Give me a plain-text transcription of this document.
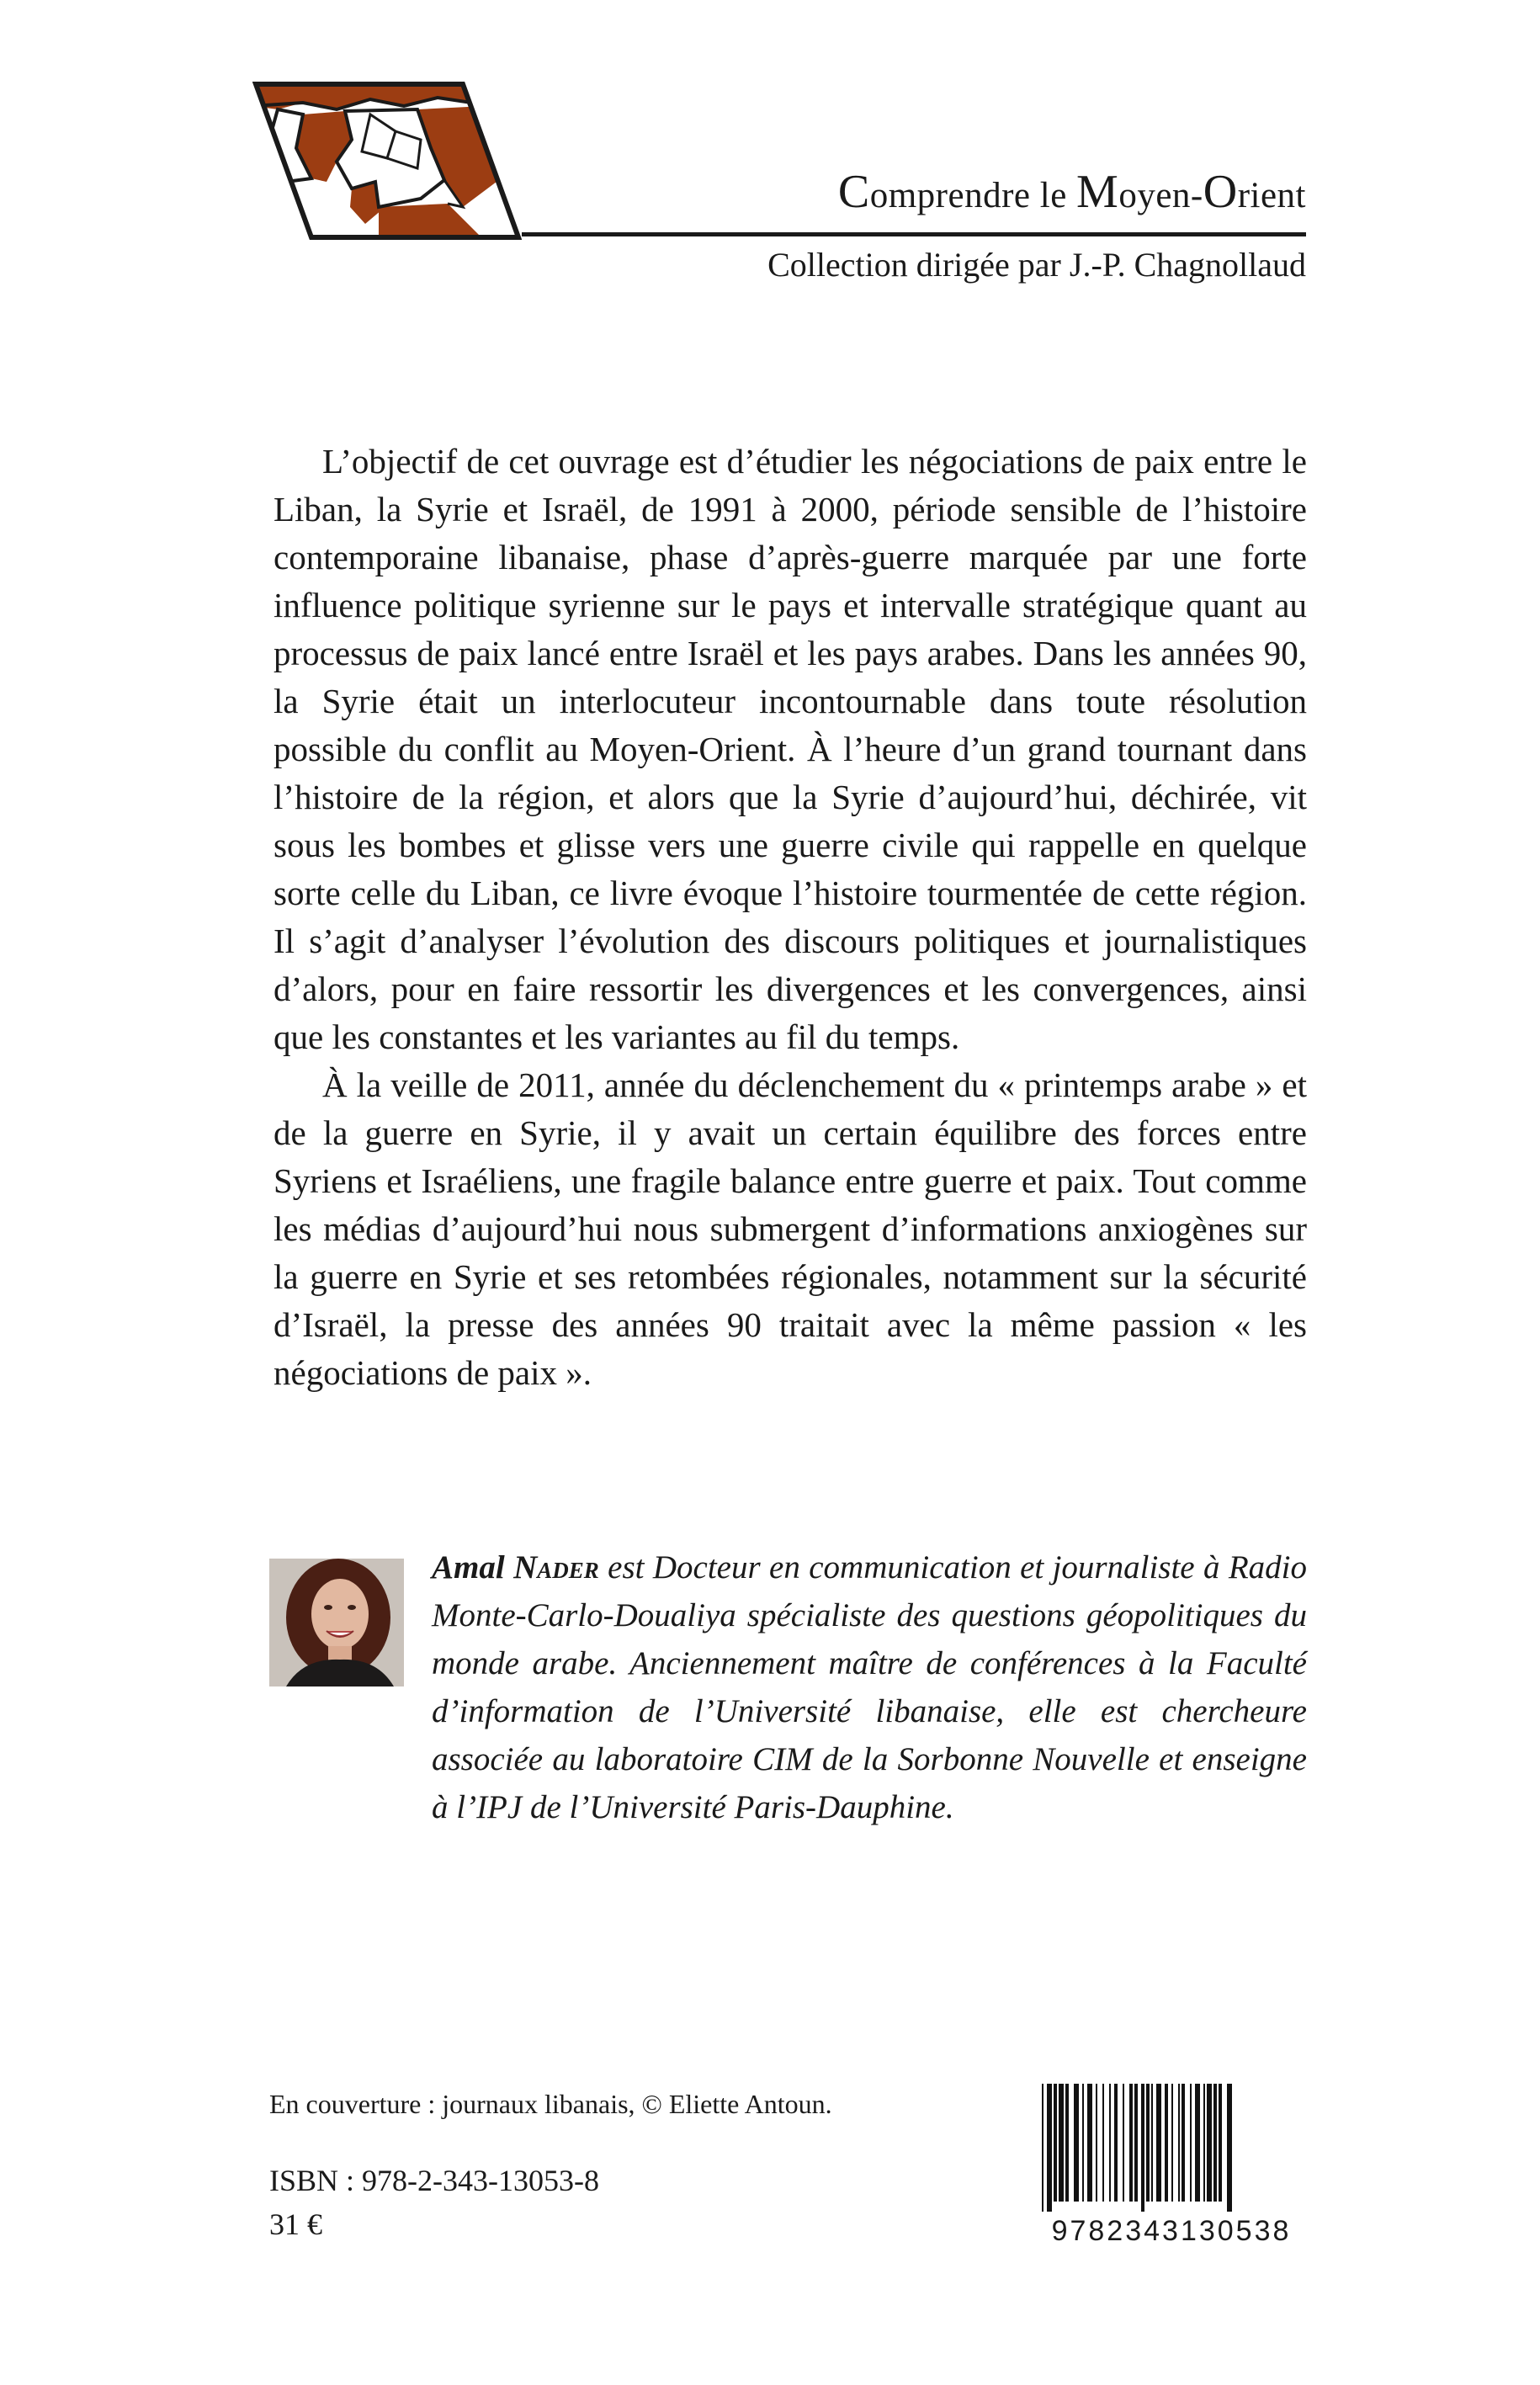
Comprendre le Moyen-Orient
Collection dirigée par J.-P. Chagnollaud

L’objectif de cet ouvrage est d’étudier les négociations de paix entre le Liban, la Syrie et Israël, de 1991 à 2000, période sensible de l’histoire contemporaine libanaise, phase d’après-guerre marquée par une forte influence politique syrienne sur le pays et intervalle stratégique quant au processus de paix lancé entre Israël et les pays arabes. Dans les années 90, la Syrie était un interlocuteur incontournable dans toute résolution possible du conflit au Moyen-Orient. À l’heure d’un grand tournant dans l’histoire de la région, et alors que la Syrie d’aujourd’hui, déchirée, vit sous les bombes et glisse vers une guerre civile qui rappelle en quelque sorte celle du Liban, ce livre évoque l’histoire tourmentée de cette région. Il s’agit d’analyser l’évolution des discours politiques et journalistiques d’alors, pour en faire ressortir les divergences et les convergences, ainsi que les constantes et les variantes au fil du temps.

À la veille de 2011, année du déclenchement du « printemps arabe » et de la guerre en Syrie, il y avait un certain équilibre des forces entre Syriens et Israéliens, une fragile balance entre guerre et paix. Tout comme les médias d’aujourd’hui nous submergent d’informations anxiogènes sur la guerre en Syrie et ses retombées régionales, notamment sur la sécurité d’Israël, la presse des années 90 traitait avec la même passion « les négociations de paix ».

Amal Nader est Docteur en communication et journaliste à Radio Monte-Carlo-Doualiya spécialiste des questions géopolitiques du monde arabe. Anciennement maître de conférences à la Faculté d’information de l’Université libanaise, elle est chercheure associée au laboratoire CIM de la Sorbonne Nouvelle et enseigne à l’IPJ de l’Université Paris-Dauphine.
En couverture : journaux libanais, © Eliette Antoun.
ISBN : 978-2-343-13053-8
31 €	9782343130538
